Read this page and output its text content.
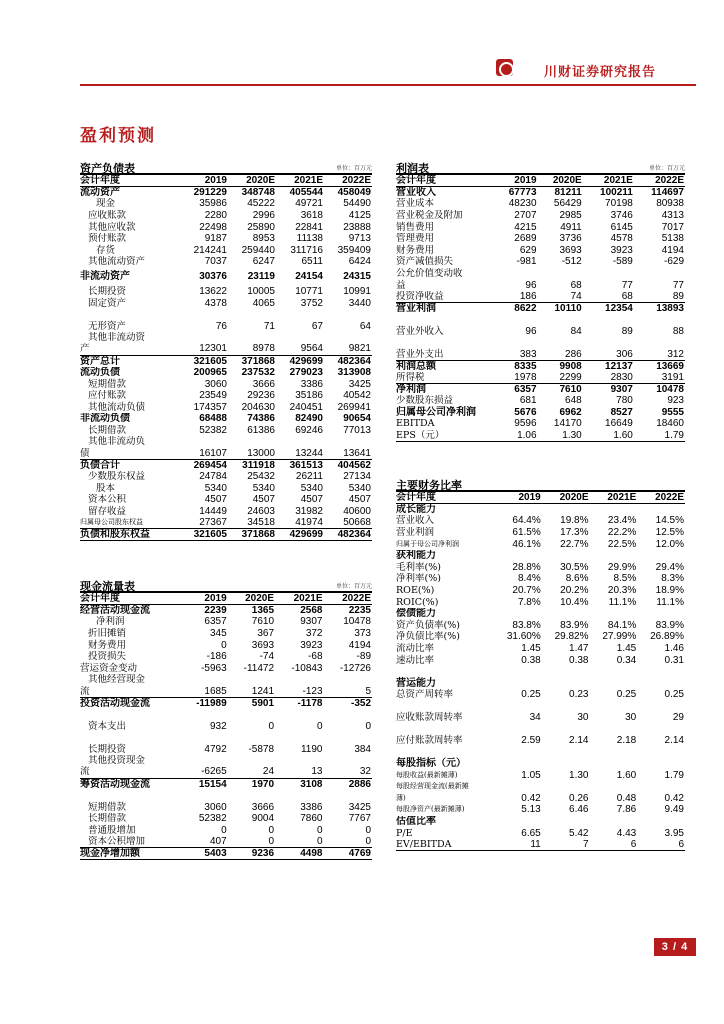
川财证券研究报告
盈利预测
资产负债表	单位：百万元
会计年度	2019	2020E	2021E	2022E
流动资产	291229	348748	405544	458049
现金	35986	45222	49721	54490
应收账款	2280	2996	3618	4125
其他应收款	22498	25890	22841	23888
预付账款	9187	8953	11138	9713
存货	214241	259440	311716	359409
其他流动资产	7037	6247	6511	6424
非流动资产	30376	23119	24154	24315
长期投资	13622	10005	10771	10991
固定资产	4378	4065	3752	3440
无形资产	76	71	67	64
其他非流动资				
产	12301	8978	9564	9821
资产总计	321605	371868	429699	482364
流动负债	200965	237532	279023	313908
短期借款	3060	3666	3386	3425
应付账款	23549	29236	35186	40542
其他流动负债	174357	204630	240451	269941
非流动负债	68488	74386	82490	90654
长期借款	52382	61386	69246	77013
其他非流动负				
债	16107	13000	13244	13641
负债合计	269454	311918	361513	404562
少数股东权益	24784	25432	26211	27134
股本	5340	5340	5340	5340
资本公积	4507	4507	4507	4507
留存收益	14449	24603	31982	40600
归属母公司股东权益	27367	34518	41974	50668
负债和股东权益	321605	371868	429699	482364
利润表	单位：百万元
会计年度	2019	2020E	2021E	2022E
营业收入	67773	81211	100211	114697
营业成本	48230	56429	70198	80938
营业税金及附加	2707	2985	3746	4313
销售费用	4215	4911	6145	7017
管理费用	2689	3736	4578	5138
财务费用	629	3693	3923	4194
资产减值损失	-981	-512	-589	-629
公允价值变动收				
益	96	68	77	77
投资净收益	186	74	68	89
营业利润	8622	10110	12354	13893
营业外收入	96	84	89	88
营业外支出	383	286	306	312
利润总额	8335	9908	12137	13669
所得税	1978	2299	2830	3191
净利润	6357	7610	9307	10478
少数股东损益	681	648	780	923
归属母公司净利润	5676	6962	8527	9555
EBITDA	9596	14170	16649	18460
EPS（元）	1.06	1.30	1.60	1.79
主要财务比率
会计年度	2019	2020E	2021E	2022E
成长能力				
营业收入	64.4%	19.8%	23.4%	14.5%
营业利润	61.5%	17.3%	22.2%	12.5%
归属于母公司净利润	46.1%	22.7%	22.5%	12.0%
获利能力				
毛利率(%)	28.8%	30.5%	29.9%	29.4%
净利率(%)	8.4%	8.6%	8.5%	8.3%
ROE(%)	20.7%	20.2%	20.3%	18.9%
ROIC(%)	7.8%	10.4%	11.1%	11.1%
偿债能力				
资产负债率(%)	83.8%	83.9%	84.1%	83.9%
净负债比率(%)	31.60%	29.82%	27.99%	26.89%
流动比率	1.45	1.47	1.45	1.46
速动比率	0.38	0.38	0.34	0.31
营运能力				
总资产周转率	0.25	0.23	0.25	0.25
应收账款周转率	34	30	30	29
应付账款周转率	2.59	2.14	2.18	2.14
每股指标（元）				
每股收益(最新摊薄)	1.05	1.30	1.60	1.79
每股经营现金流(最新摊				
薄)	0.42	0.26	0.48	0.42
每股净资产(最新摊薄)	5.13	6.46	7.86	9.49
估值比率				
P/E	6.65	5.42	4.43	3.95
EV/EBITDA	11	7	6	6
现金流量表	单位：百万元
会计年度	2019	2020E	2021E	2022E
经营活动现金流	2239	1365	2568	2235
净利润	6357	7610	9307	10478
折旧摊销	345	367	372	373
财务费用	0	3693	3923	4194
投资损失	-186	-74	-68	-89
营运资金变动	-5963	-11472	-10843	-12726
其他经营现金				
流	1685	1241	-123	5
投资活动现金流	-11989	5901	-1178	-352
资本支出	932	0	0	0
长期投资	4792	-5878	1190	384
其他投资现金				
流	-6265	24	13	32
筹资活动现金流	15154	1970	3108	2886
短期借款	3060	3666	3386	3425
长期借款	52382	9004	7860	7767
普通股增加	0	0	0	0
资本公积增加	407	0	0	0
现金净增加额	5403	9236	4498	4769
3 / 4
